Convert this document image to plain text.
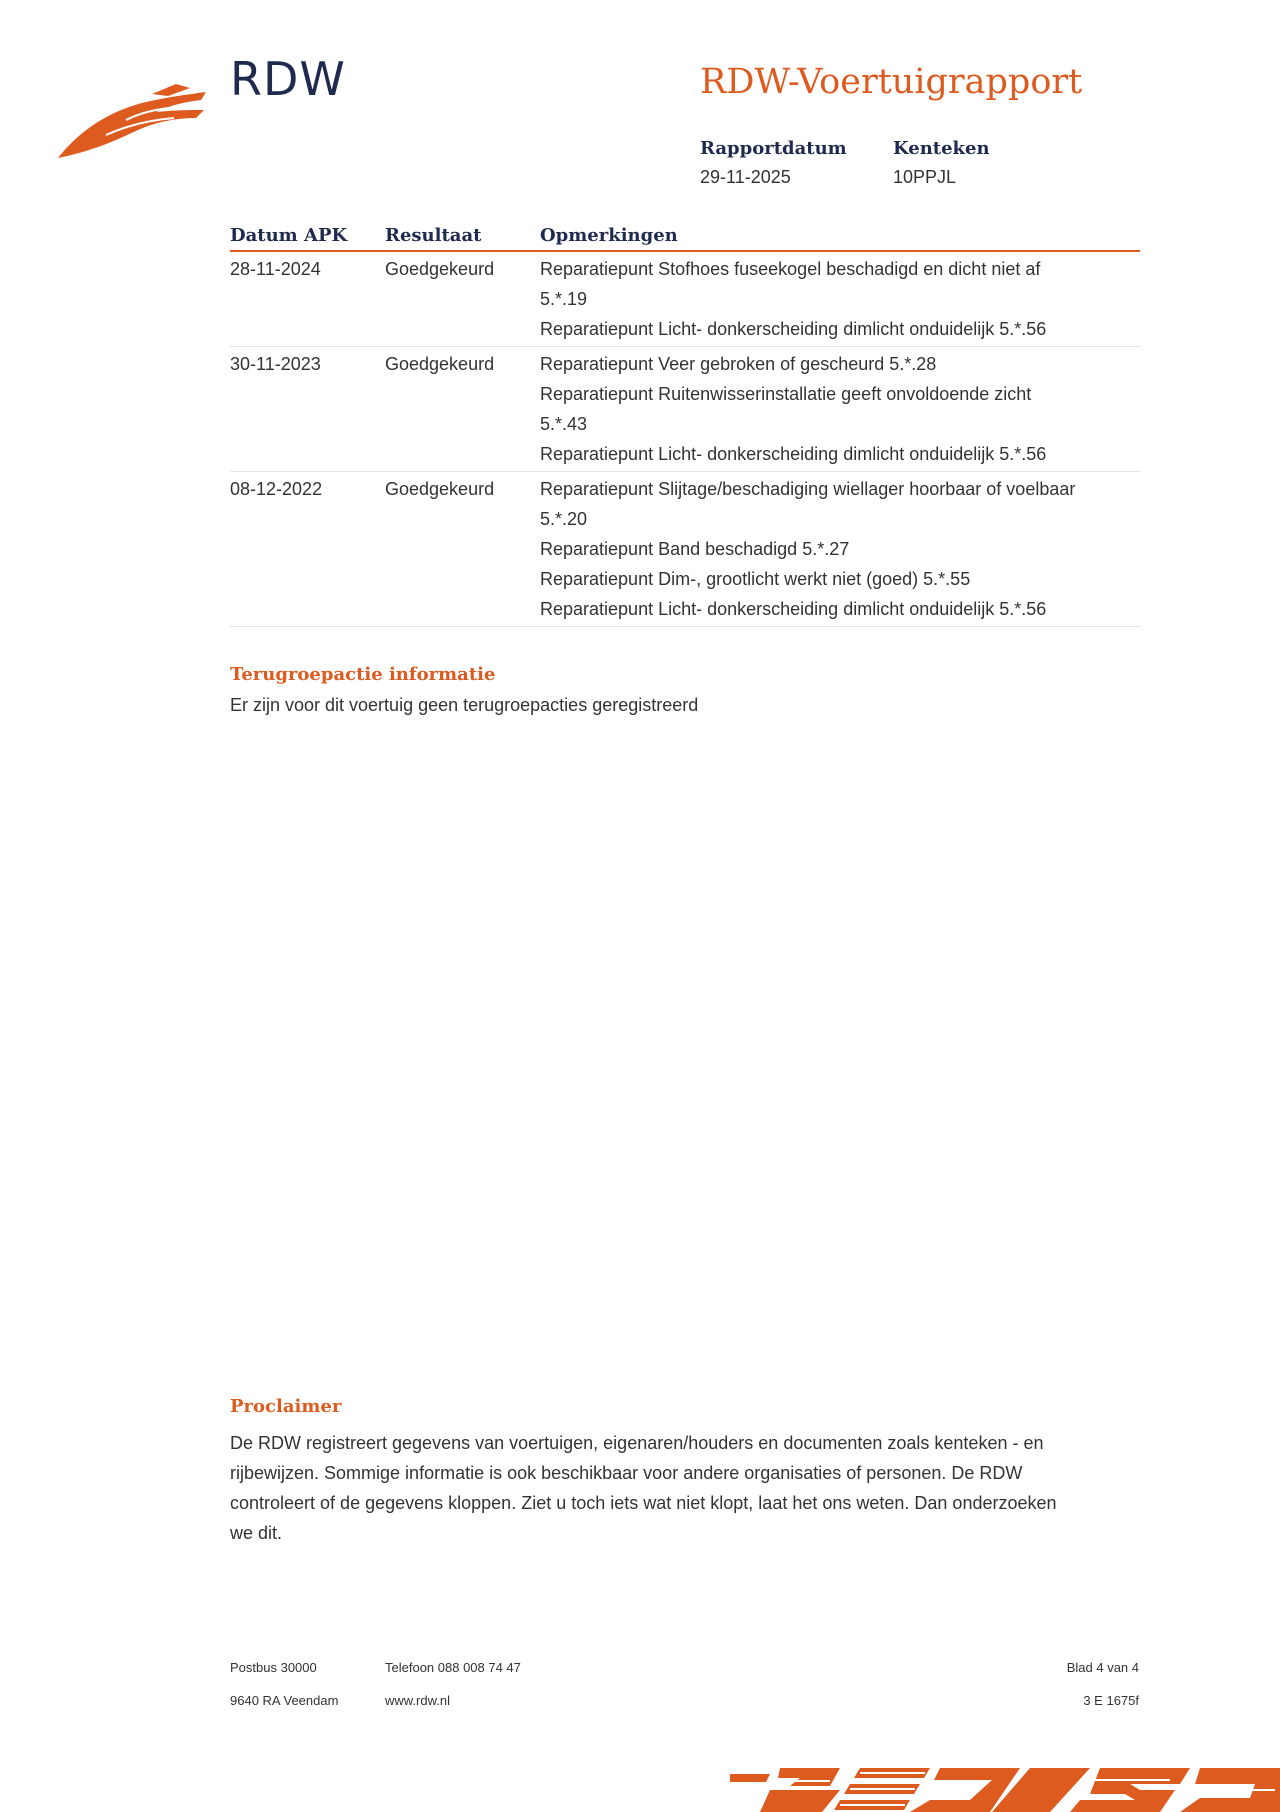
RDW	RDW-Voertuigrapport
Rapportdatum
29-11-2025
Kenteken
10PPJL
Datum APK	Resultaat	Opmerkingen
28-11-2024	Goedgekeurd	Reparatiepunt Stofhoes fuseekogel beschadigd en dicht niet af
5.*.19
Reparatiepunt Licht- donkerscheiding dimlicht onduidelijk 5.*.56
30-11-2023	Goedgekeurd	Reparatiepunt Veer gebroken of gescheurd 5.*.28
Reparatiepunt Ruitenwisserinstallatie geeft onvoldoende zicht
5.*.43
Reparatiepunt Licht- donkerscheiding dimlicht onduidelijk 5.*.56
08-12-2022	Goedgekeurd	Reparatiepunt Slijtage/beschadiging wiellager hoorbaar of voelbaar
5.*.20
Reparatiepunt Band beschadigd 5.*.27
Reparatiepunt Dim-, grootlicht werkt niet (goed) 5.*.55
Reparatiepunt Licht- donkerscheiding dimlicht onduidelijk 5.*.56
Terugroepactie informatie
Er zijn voor dit voertuig geen terugroepacties geregistreerd
Proclaimer
De RDW registreert gegevens van voertuigen, eigenaren/houders en documenten zoals kenteken - en
rijbewijzen. Sommige informatie is ook beschikbaar voor andere organisaties of personen. De RDW
controleert of de gegevens kloppen. Ziet u toch iets wat niet klopt, laat het ons weten. Dan onderzoeken
we dit.
Postbus 30000
9640 RA Veendam
Telefoon 088 008 74 47
www.rdw.nl
Blad 4 van 4
3 E 1675f
